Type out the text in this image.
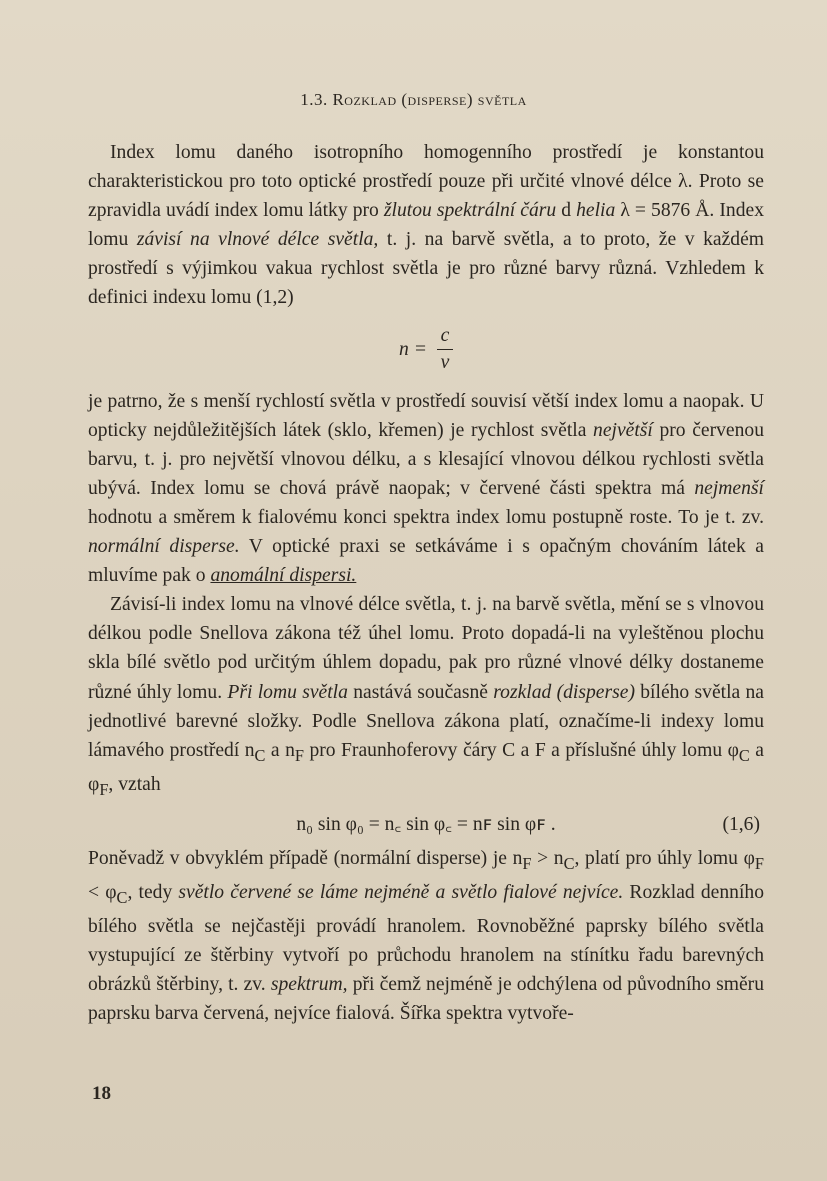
1.3. Rozklad (disperse) světla

Index lomu daného isotropního homogenního prostředí je konstantou charakteristickou pro toto optické prostředí pouze při určité vlnové délce λ. Proto se zpravidla uvádí index lomu látky pro žlutou spektrální čáru d helia λ = 5876 Å. Index lomu závisí na vlnové délce světla, t. j. na barvě světla, a to proto, že v každém prostředí s výjimkou vakua rychlost světla je pro různé barvy různá. Vzhledem k definici indexu lomu (1,2)

$n = \frac{c}{v}$

je patrno, že s menší rychlostí světla v prostředí souvisí větší index lomu a naopak. U opticky nejdůležitějších látek (sklo, křemen) je rychlost světla největší pro červenou barvu, t. j. pro největší vlnovou délku, a s klesající vlnovou délkou rychlosti světla ubývá. Index lomu se chová právě naopak; v červené části spektra má nejmenší hodnotu a směrem k fialovému konci spektra index lomu postupně roste. To je t. zv. normální disperse. V optické praxi se setkáváme i s opačným chováním látek a mluvíme pak o anomální dispersi.

Závisí-li index lomu na vlnové délce světla, t. j. na barvě světla, mění se s vlnovou délkou podle Snellova zákona též úhel lomu. Proto dopadá-li na vyleštěnou plochu skla bílé světlo pod určitým úhlem dopadu, pak pro různé vlnové délky dostaneme různé úhly lomu. Při lomu světla nastává současně rozklad (disperse) bílého světla na jednotlivé barevné složky. Podle Snellova zákona platí, označíme-li indexy lomu lámavého prostředí $n_C$ a $n_F$ pro Fraunhoferovy čáry C a F a příslušné úhly lomu $\varphi_C$ a $\varphi_F$, vztah

n₀ sin φ₀ = n꜀ sin φ꜀ = nꜰ sin φꜰ .	(1,6)

Poněvadž v obvyklém případě (normální disperse) je $n_F > n_C$, platí pro úhly lomu $\varphi_F < \varphi_C$, tedy světlo červené se láme nejméně a světlo fialové nejvíce. Rozklad denního bílého světla se nejčastěji provádí hranolem. Rovnoběžné paprsky bílého světla vystupující ze štěrbiny vytvoří po průchodu hranolem na stínítku řadu barevných obrázků štěrbiny, t. zv. spektrum, při čemž nejméně je odchýlena od původního směru paprsku barva červená, nejvíce fialová. Šířka spektra vytvoře-

18
